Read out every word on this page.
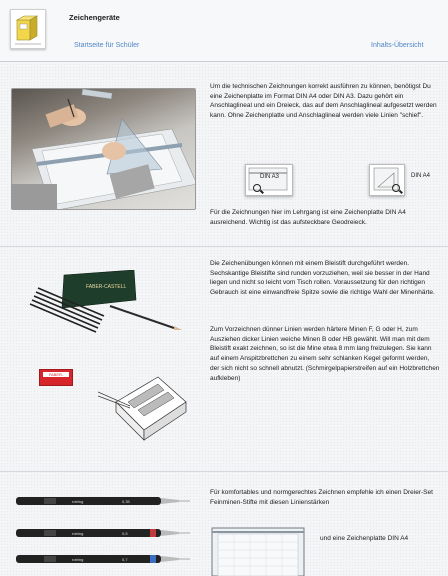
Zeichengeräte
Startseite für Schüler	Inhalts-Übersicht
Um die technischen Zeichnungen korrekt ausführen zu können, benötigst Du eine Zeichenplatte im Format DIN A4 oder DIN A3. Dazu gehört ein Anschlaglineal und ein Dreieck, das auf dem Anschlaglineal aufgesetzt werden kann. Ohne Zeichenplatte und Anschlaglineal werden viele Linien "schief".
DIN A3	DIN A4
Für die Zeichnungen hier im Lehrgang ist eine Zeichenplatte DIN A4 ausreichend. Wichtig ist das aufsteckbare Geodreieck.
FABER-CASTELL
FABER-CASTELL
Die Zeichenübungen können mit einem Bleistift durchgeführt werden. Sechskantige Bleistifte sind runden vorzuziehen, weil sie besser in der Hand liegen und nicht so leicht vom Tisch rollen. Voraussetzung für den richtigen Gebrauch ist eine einwandfreie Spitze sowie die richtige Wahl der Minenhärte.
Zum Vorzeichnen dünner Linien werden härtere Minen F, G oder H, zum Ausziehen dicker Linien weiche Minen B oder HB gewählt. Will man mit dem Bleistift exakt zeichnen, so ist die Mine etwa 8 mm lang freizulegen. Sie kann auf einem Anspitzbrettchen zu einem sehr schlanken Kegel geformt werden, der sich nicht so schnell abnutzt. (Schmirgelpapierstreifen auf ein Holzbrettchen aufkleben)
rotring	0,35
rotring	0,5
rotring	0,7
Für komfortables und normgerechtes Zeichnen empfehle ich einen Dreier-Set Feinminen-Stifte mit diesen Linienstärken
und eine Zeichenplatte DIN A4
